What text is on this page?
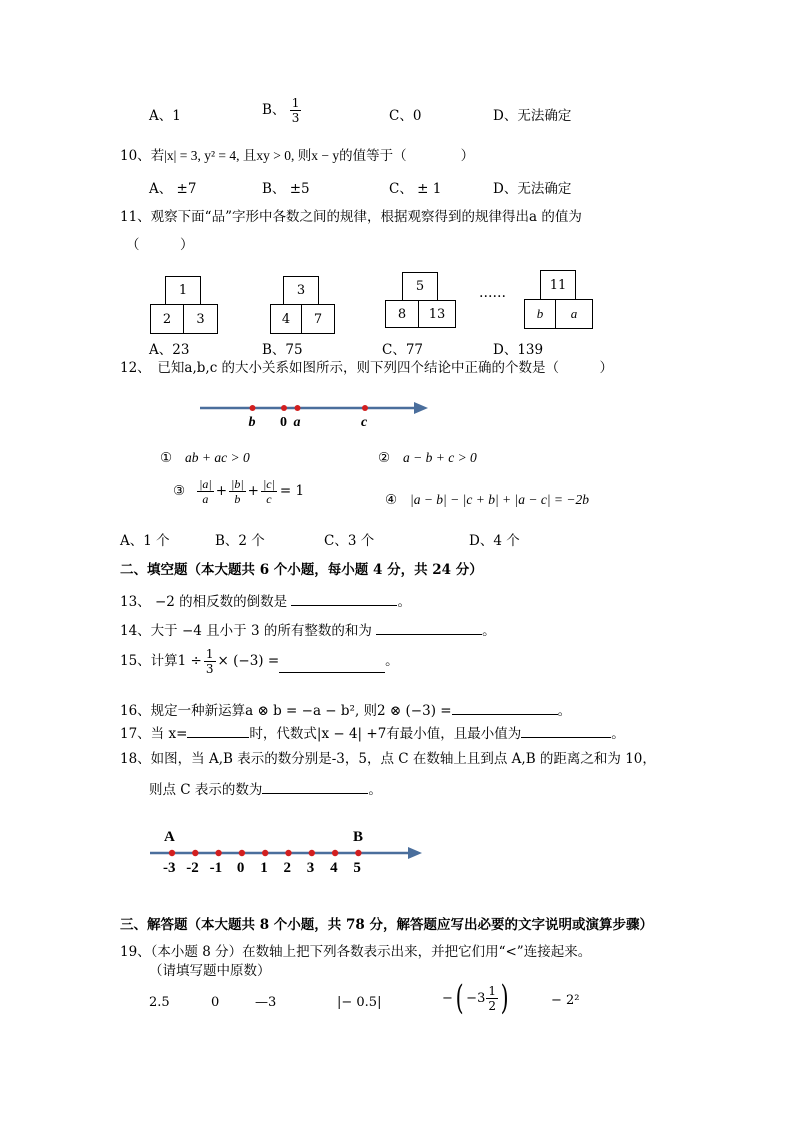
A、1	B、 $\frac{1}{3}$	C、0	D、无法确定
10、若|x| = 3, y² = 4, 且xy > 0, 则x − y的值等于（　　　　）
A、 ±7	B、 ±5	C、 ± 1	D、无法确定
11、观察下面“品”字形中各数之间的规律，根据观察得到的规律得出a 的值为
（　　　）
1
2	3
3
4	7
5
8	13
……	11
b	a
A、23	B、75	C、77	D、139
12、　已知a,b,c 的大小关系如图所示，则下列四个结论中正确的个数是（　　　）
b 0 a	c
① ab + ac > 0	② a − b + c > 0
③ $\frac{|a|}{a} + \frac{|b|}{b} + \frac{|c|}{c} = 1$
④ |a − b| − |c + b| + |a − c| = −2b
A、1 个	B、2 个	C、3 个	D、4 个
二、填空题（本大题共 6 个小题，每小题 4 分，共 24 分）
13、 −2 的相反数的倒数是	。
14、大于 −4 且小于 3 的所有整数的和为	。
15、计算$1 \div \frac{1}{3} \times (-3)$ =	。
16、规定一种新运算a ⊗ b = −a − b², 则2 ⊗ (−3) =	。
17、当 x=	时，代数式|x − 4| +7有最小值，且最小值为	。
18、如图，当 A,B 表示的数分别是-3，5，点 C 在数轴上且到点 A,B 的距离之和为 10，
则点 C 表示的数为	。
A	B
-3 -2 -1 0 1 2 3 4 5
三、解答题（本大题共 8 个小题，共 78 分，解答题应写出必要的文字说明或演算步骤）
19、（本小题 8 分）在数轴上把下列各数表示出来，并把它们用“<”连接起来。
（请填写题中原数）
2.5	0	—3	|− 0.5|	− ( $-3 \frac{1}{2}$ )	− 2²
